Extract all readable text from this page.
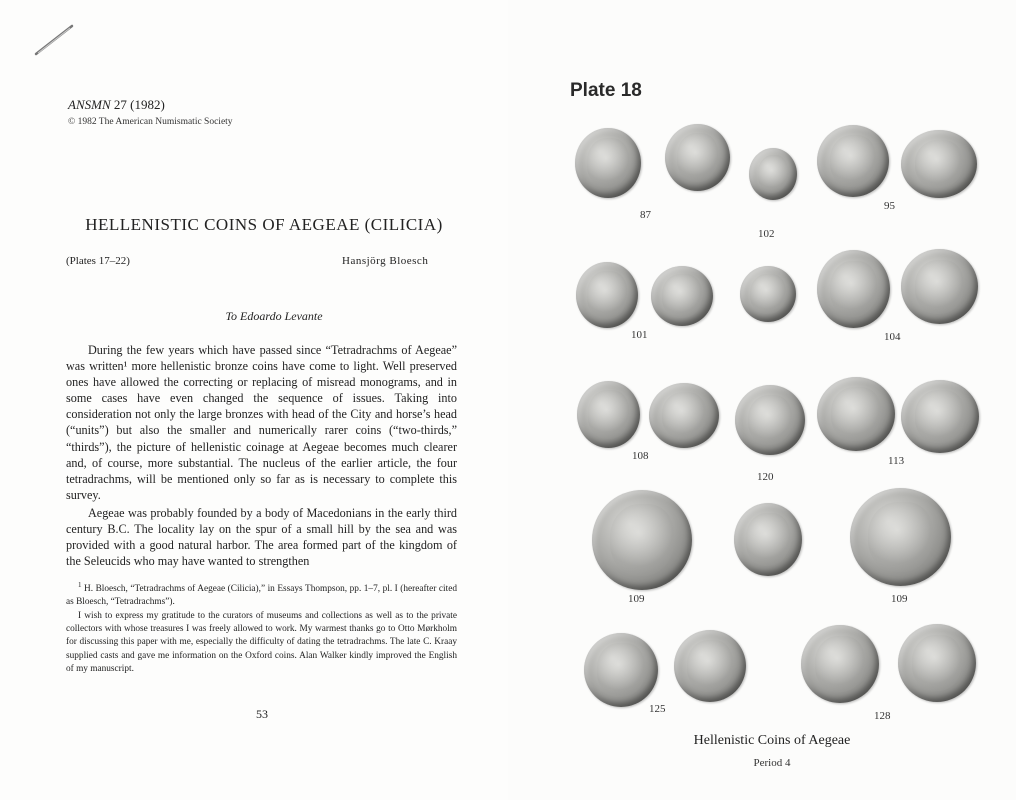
ANSMN 27 (1982)
© 1982 The American Numismatic Society
HELLENISTIC COINS OF AEGEAE (CILICIA)
(Plates 17–22)	Hansjörg Bloesch
To Edoardo Levante

During the few years which have passed since “Tetradrachms of Aegeae” was written¹ more hellenistic bronze coins have come to light. Well preserved ones have allowed the correcting or replacing of misread monograms, and in some cases have even changed the sequence of issues. Taking into consideration not only the large bronzes with head of the City and horse’s head (“units”) but also the smaller and numerically rarer coins (“two-thirds,” “thirds”), the picture of hellenistic coinage at Aegeae becomes much clearer and, of course, more substantial. The nucleus of the earlier article, the four tetradrachms, will be mentioned only so far as is necessary to complete this survey.

Aegeae was probably founded by a body of Macedonians in the early third century B.C. The locality lay on the spur of a small hill by the sea and was provided with a good natural harbor. The area formed part of the kingdom of the Seleucids who may have wanted to strengthen

$^1$ H. Bloesch, “Tetradrachms of Aegeae (Cilicia),” in Essays Thompson, pp. 1–7, pl. I (hereafter cited as Bloesch, “Tetradrachms”).

I wish to express my gratitude to the curators of museums and collections as well as to the private collectors with whose treasures I was freely allowed to work. My warmest thanks go to Otto Mørkholm for discussing this paper with me, especially the difficulty of dating the tetradrachms. The late C. Kraay supplied casts and gave me information on the Oxford coins. Alan Walker kindly improved the English of my manuscript.

53
Plate 18
87
102
95
101	104
108
120
113
109	109
125
128
Hellenistic Coins of Aegeae
Period 4
